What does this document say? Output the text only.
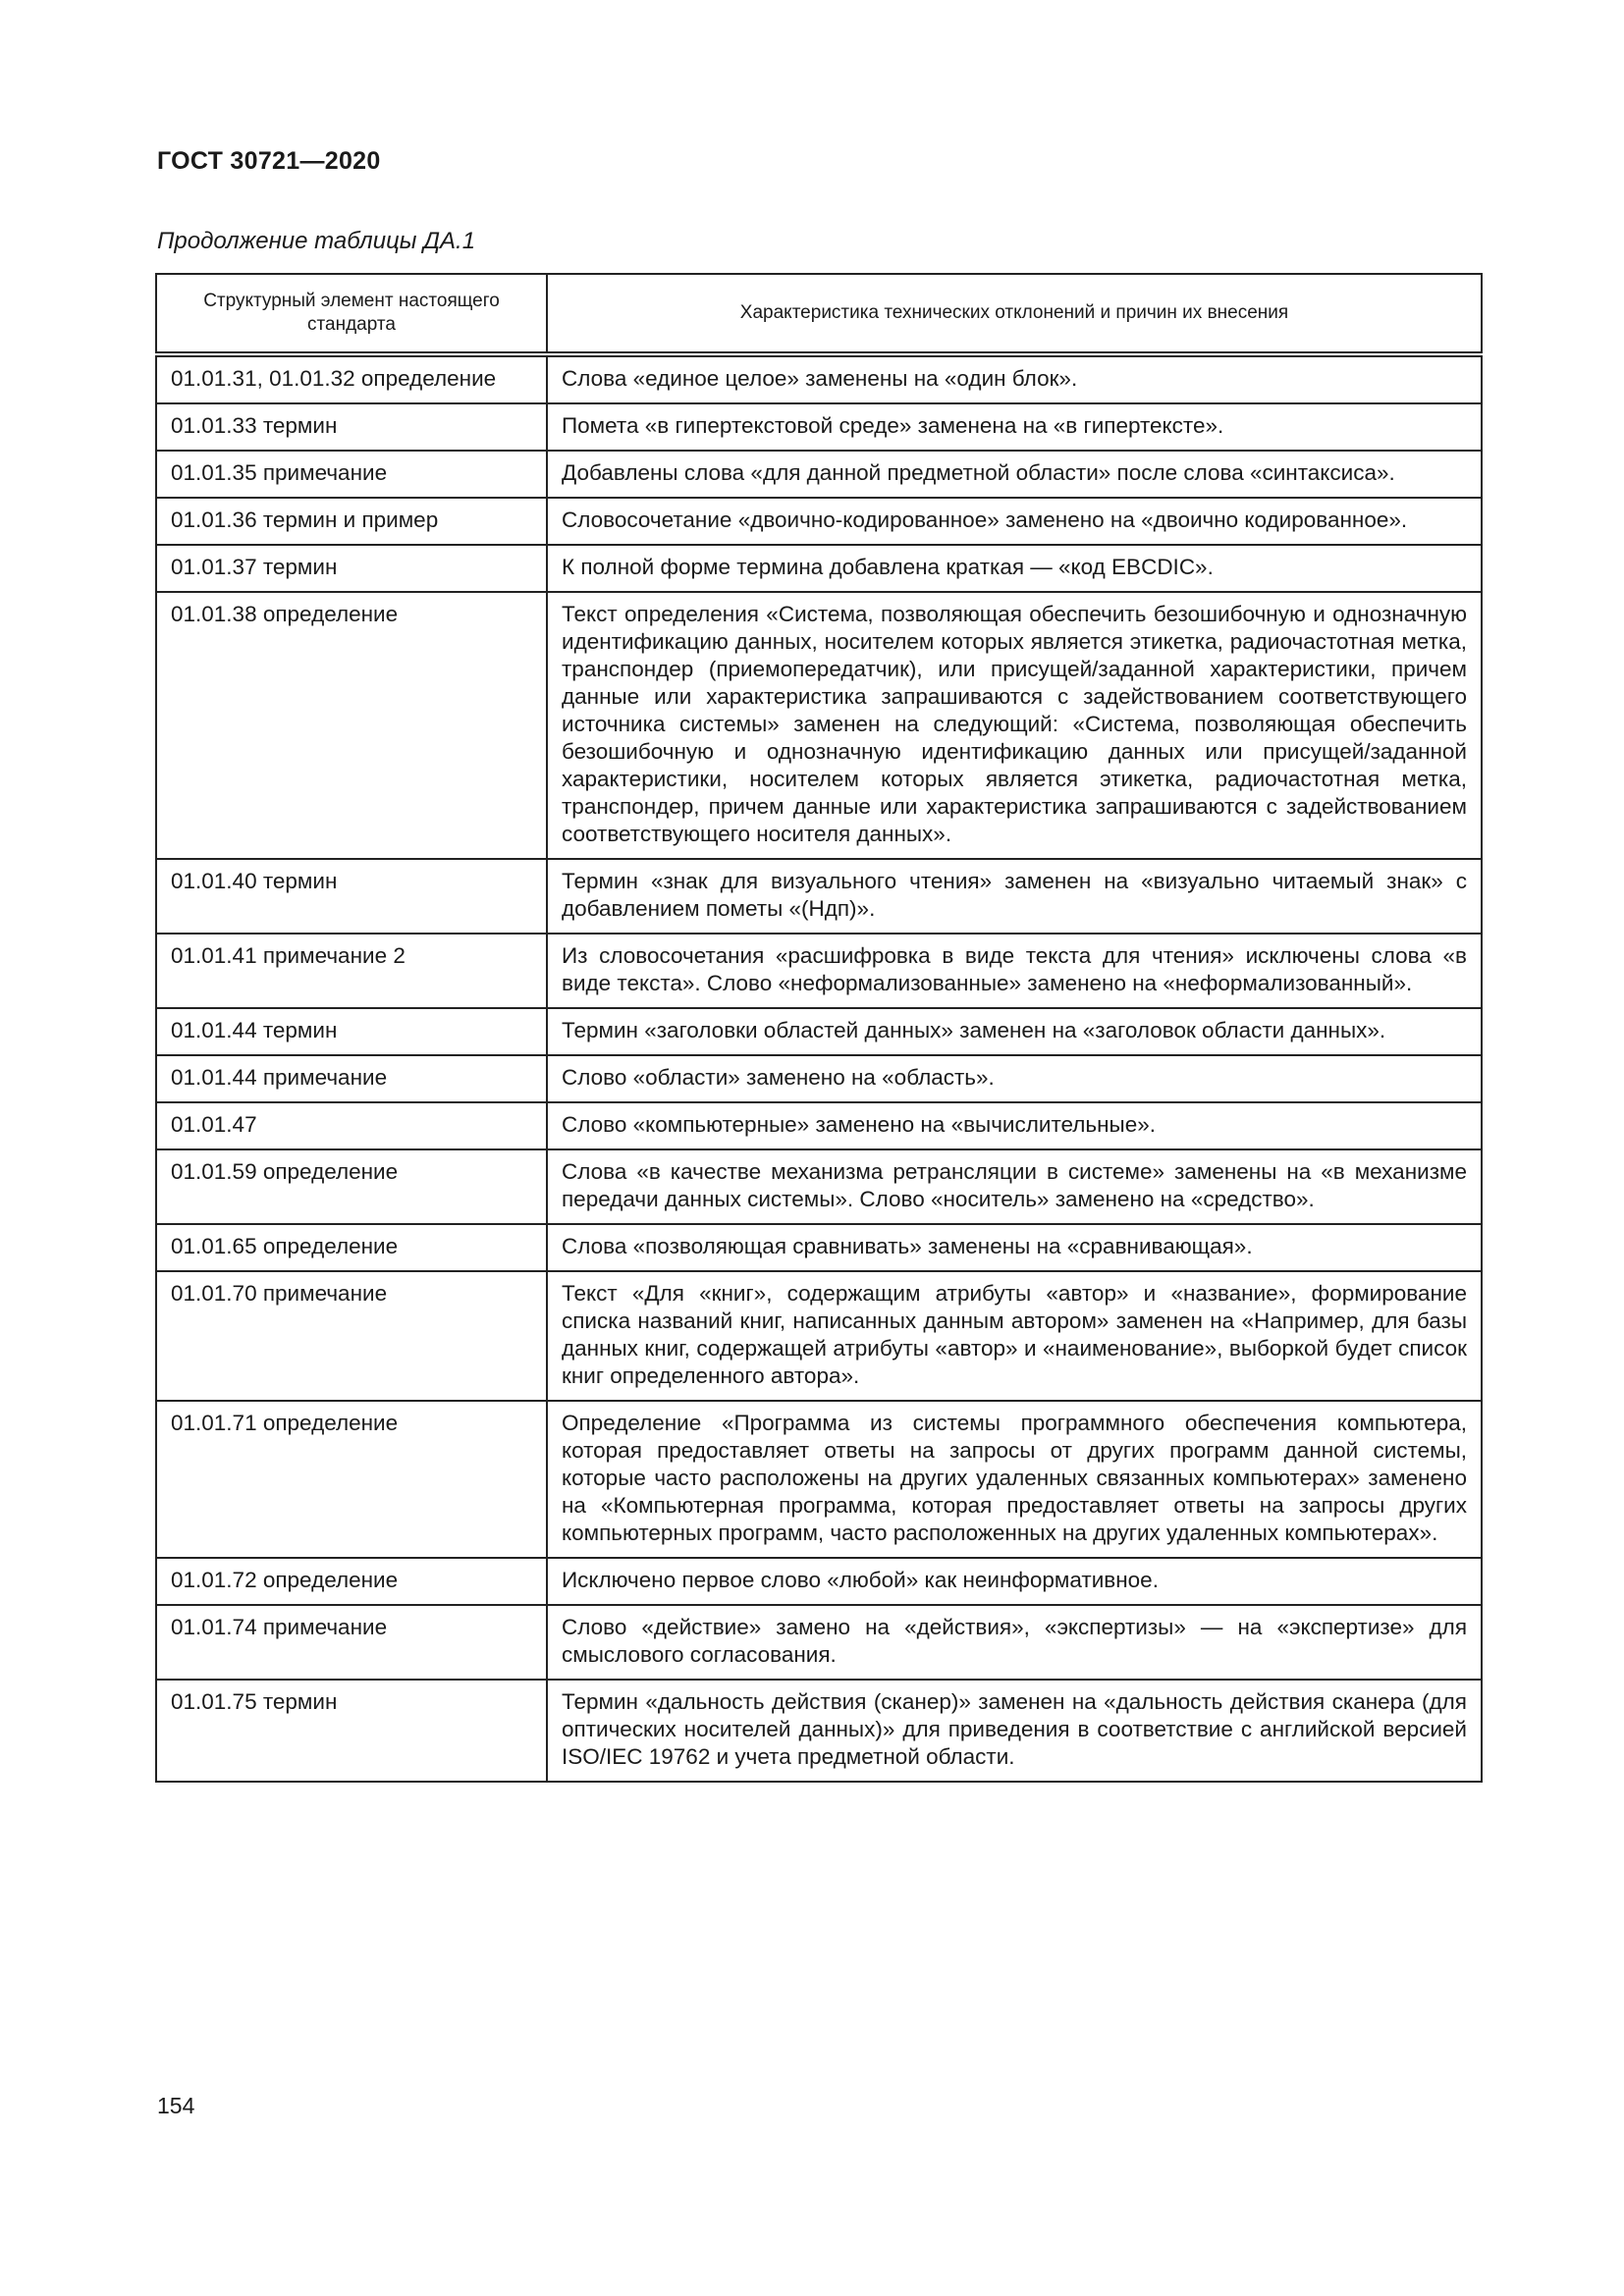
ГОСТ 30721—2020
Продолжение таблицы ДА.1
Структурный элемент настоящего стандарта	Характеристика технических отклонений и причин их внесения
01.01.31, 01.01.32 определение	Слова «единое целое» заменены на «один блок».
01.01.33 термин	Помета «в гипертекстовой среде» заменена на «в гипертексте».
01.01.35 примечание	Добавлены слова «для данной предметной области» после слова «синтаксиса».
01.01.36 термин и пример	Словосочетание «двоично-кодированное» заменено на «двоично кодированное».
01.01.37 термин	К полной форме термина добавлена краткая — «код EBCDIC».
01.01.38 определение	Текст определения «Система, позволяющая обеспечить безошибочную и однозначную идентификацию данных, носителем которых является этикетка, радиочастотная метка, транспондер (приемопередатчик), или присущей/заданной характеристики, причем данные или характеристика запрашиваются с задействованием соответствующего источника системы» заменен на следующий: «Система, позволяющая обеспечить безошибочную и однозначную идентификацию данных или присущей/заданной характеристики, носителем которых является этикетка, радиочастотная метка, транспондер, причем данные или характеристика запрашиваются с задействованием соответствующего носителя данных».
01.01.40 термин	Термин «знак для визуального чтения» заменен на «визуально читаемый знак» с добавлением пометы «(Ндп)».
01.01.41 примечание 2	Из словосочетания «расшифровка в виде текста для чтения» исключены слова «в виде текста». Слово «неформализованные» заменено на «неформализованный».
01.01.44 термин	Термин «заголовки областей данных» заменен на «заголовок области данных».
01.01.44 примечание	Слово «области» заменено на «область».
01.01.47	Слово «компьютерные» заменено на «вычислительные».
01.01.59 определение	Слова «в качестве механизма ретрансляции в системе» заменены на «в механизме передачи данных системы». Слово «носитель» заменено на «средство».
01.01.65 определение	Слова «позволяющая сравнивать» заменены на «сравнивающая».
01.01.70 примечание	Текст «Для «книг», содержащим атрибуты «автор» и «название», формирование списка названий книг, написанных данным автором» заменен на «Например, для базы данных книг, содержащей атрибуты «автор» и «наименование», выборкой будет список книг определенного автора».
01.01.71 определение	Определение «Программа из системы программного обеспечения компьютера, которая предоставляет ответы на запросы от других программ данной системы, которые часто расположены на других удаленных связанных компьютерах» заменено на «Компьютерная программа, которая предоставляет ответы на запросы других компьютерных программ, часто расположенных на других удаленных компьютерах».
01.01.72 определение	Исключено первое слово «любой» как неинформативное.
01.01.74 примечание	Слово «действие» замено на «действия», «экспертизы» — на «экспертизе» для смыслового согласования.
01.01.75 термин	Термин «дальность действия (сканер)» заменен на «дальность действия сканера (для оптических носителей данных)» для приведения в соответствие с английской версией ISO/IEC 19762 и учета предметной области.
154
